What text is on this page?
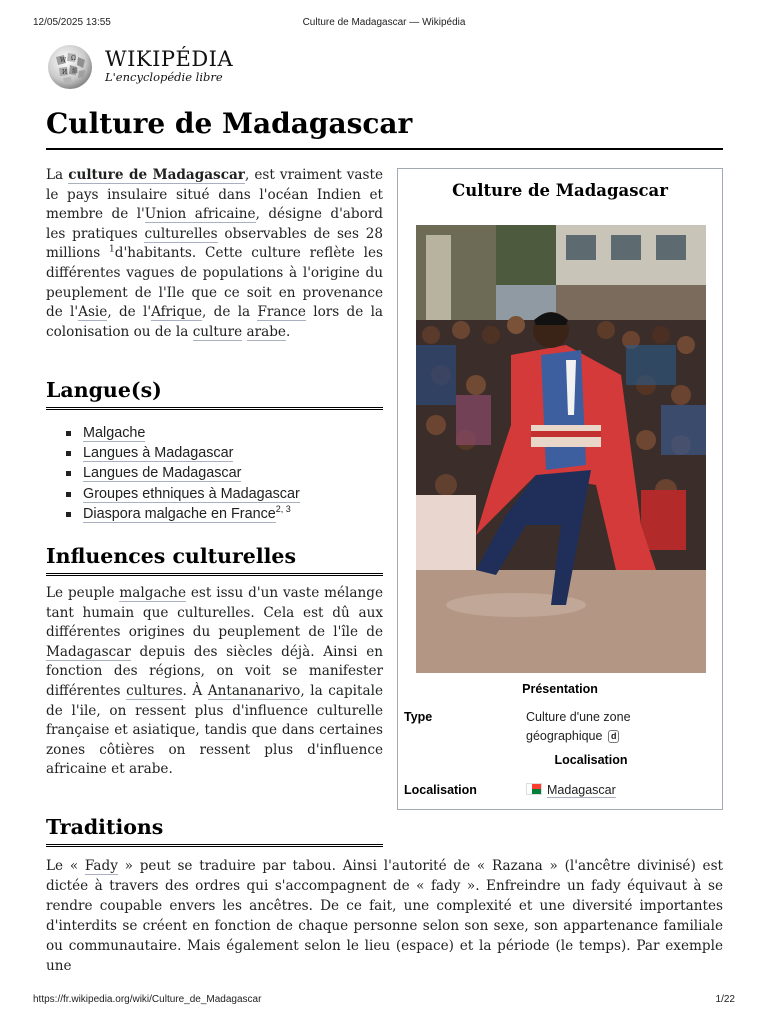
12/05/2025 13:55	Culture de Madagascar — Wikipédia
W Ω
И 維
WIKIPÉDIA
L'encyclopédie libre
Culture de Madagascar

La culture de Madagascar, est vraiment vaste le pays insulaire situé dans l'océan Indien et membre de l'Union africaine, désigne d'abord les pratiques culturelles observables de ses 28 millions $^1$d'habitants. Cette culture reflète les différentes vagues de populations à l'origine du peuplement de l'Ile que ce soit en provenance de l'Asie, de l'Afrique, de la France lors de la colonisation ou de la culture arabe.

Langue(s)
Malgache
Langues à Madagascar
Langues de Madagascar
Groupes ethniques à Madagascar
Diaspora malgache en France$^{2, 3}$
Influences culturelles

Le peuple malgache est issu d'un vaste mélange tant humain que culturelles. Cela est dû aux différentes origines du peuplement de l'île de Madagascar depuis des siècles déjà. Ainsi en fonction des régions, on voit se manifester différentes cultures. À Antananarivo, la capitale de l'ile, on ressent plus d'influence culturelle française et asiatique, tandis que dans certaines zones côtières on ressent plus d'influence africaine et arabe.

Traditions

Le « Fady » peut se traduire par tabou. Ainsi l'autorité de « Razana » (l'ancêtre divinisé) est dictée à travers des ordres qui s'accompagnent de « fady ». Enfreindre un fady équivaut à se rendre coupable envers les ancêtres. De ce fait, une complexité et une diversité importantes d'interdits se créent en fonction de chaque personne selon son sexe, son appartenance familiale ou communautaire. Mais également selon le lieu (espace) et la période (le temps). Par exemple une

Culture de Madagascar
Présentation
Type	Culture d'une zone géographique d
Localisation
Localisation	Madagascar
https://fr.wikipedia.org/wiki/Culture_de_Madagascar	1/22
